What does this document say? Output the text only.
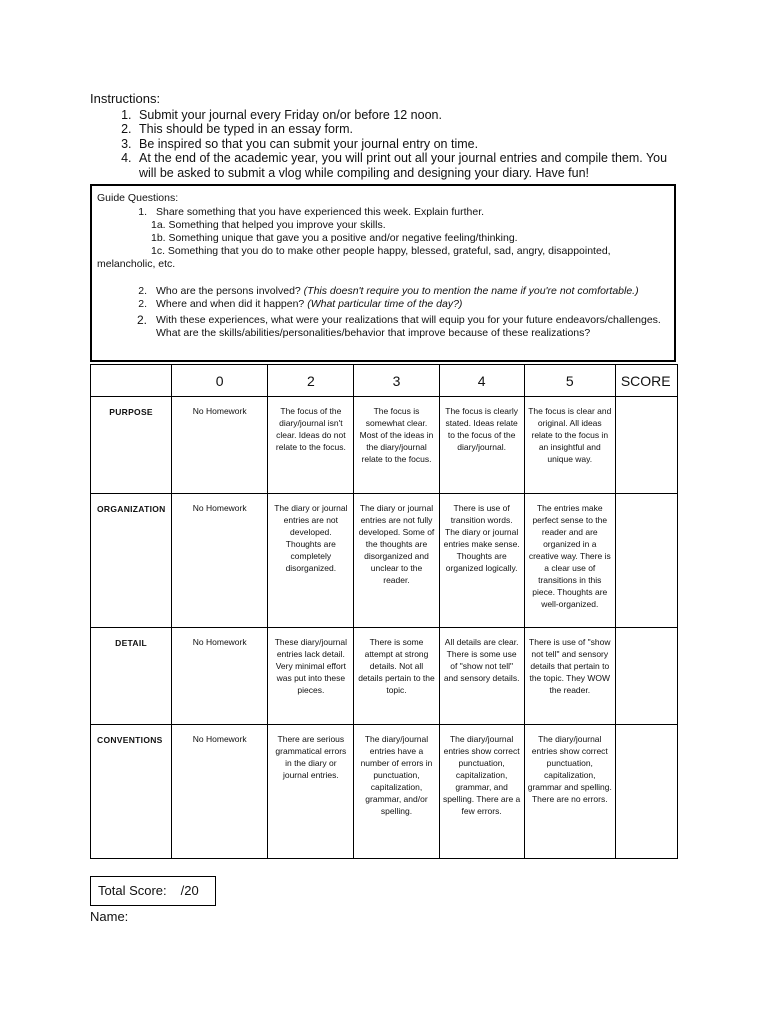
Instructions:
1. Submit your journal every Friday on/or before 12 noon.
2. This should be typed in an essay form.
3. Be inspired so that you can submit your journal entry on time.
4. At the end of the academic year, you will print out all your journal entries and compile them. You will be asked to submit a vlog while compiling and designing your diary. Have fun!
Guide Questions:
1. Share something that you have experienced this week. Explain further.
1a. Something that helped you improve your skills.
1b. Something unique that gave you a positive and/or negative feeling/thinking.
1c. Something that you do to make other people happy, blessed, grateful, sad, angry, disappointed, melancholic, etc.
2. Who are the persons involved? (This doesn't require you to mention the name if you're not comfortable.)
2. Where and when did it happen? (What particular time of the day?)
2. With these experiences, what were your realizations that will equip you for your future endeavors/challenges. What are the skills/abilities/personalities/behavior that improve because of these realizations?
	0	2	3	4	5	SCORE
PURPOSE	No Homework	The focus of the diary/journal isn't clear. Ideas do not relate to the focus.	The focus is somewhat clear. Most of the ideas in the diary/journal relate to the focus.	The focus is clearly stated. Ideas relate to the focus of the diary/journal.	The focus is clear and original. All ideas relate to the focus in an insightful and unique way.	
ORGANIZATION	No Homework	The diary or journal entries are not developed. Thoughts are completely disorganized.	The diary or journal entries are not fully developed. Some of the thoughts are disorganized and unclear to the reader.	There is use of transition words. The diary or journal entries make sense. Thoughts are organized logically.	The entries make perfect sense to the reader and are organized in a creative way. There is a clear use of transitions in this piece. Thoughts are well-organized.	
DETAIL	No Homework	These diary/journal entries lack detail. Very minimal effort was put into these pieces.	There is some attempt at strong details. Not all details pertain to the topic.	All details are clear. There is some use of "show not tell" and sensory details.	There is use of "show not tell" and sensory details that pertain to the topic. They WOW the reader.	
CONVENTIONS	No Homework	There are serious grammatical errors in the diary or journal entries.	The diary/journal entries have a number of errors in punctuation, capitalization, grammar, and/or spelling.	The diary/journal entries show correct punctuation, capitalization, grammar, and spelling. There are a few errors.	The diary/journal entries show correct punctuation, capitalization, grammar and spelling. There are no errors.	
Total Score: /20
Name:
